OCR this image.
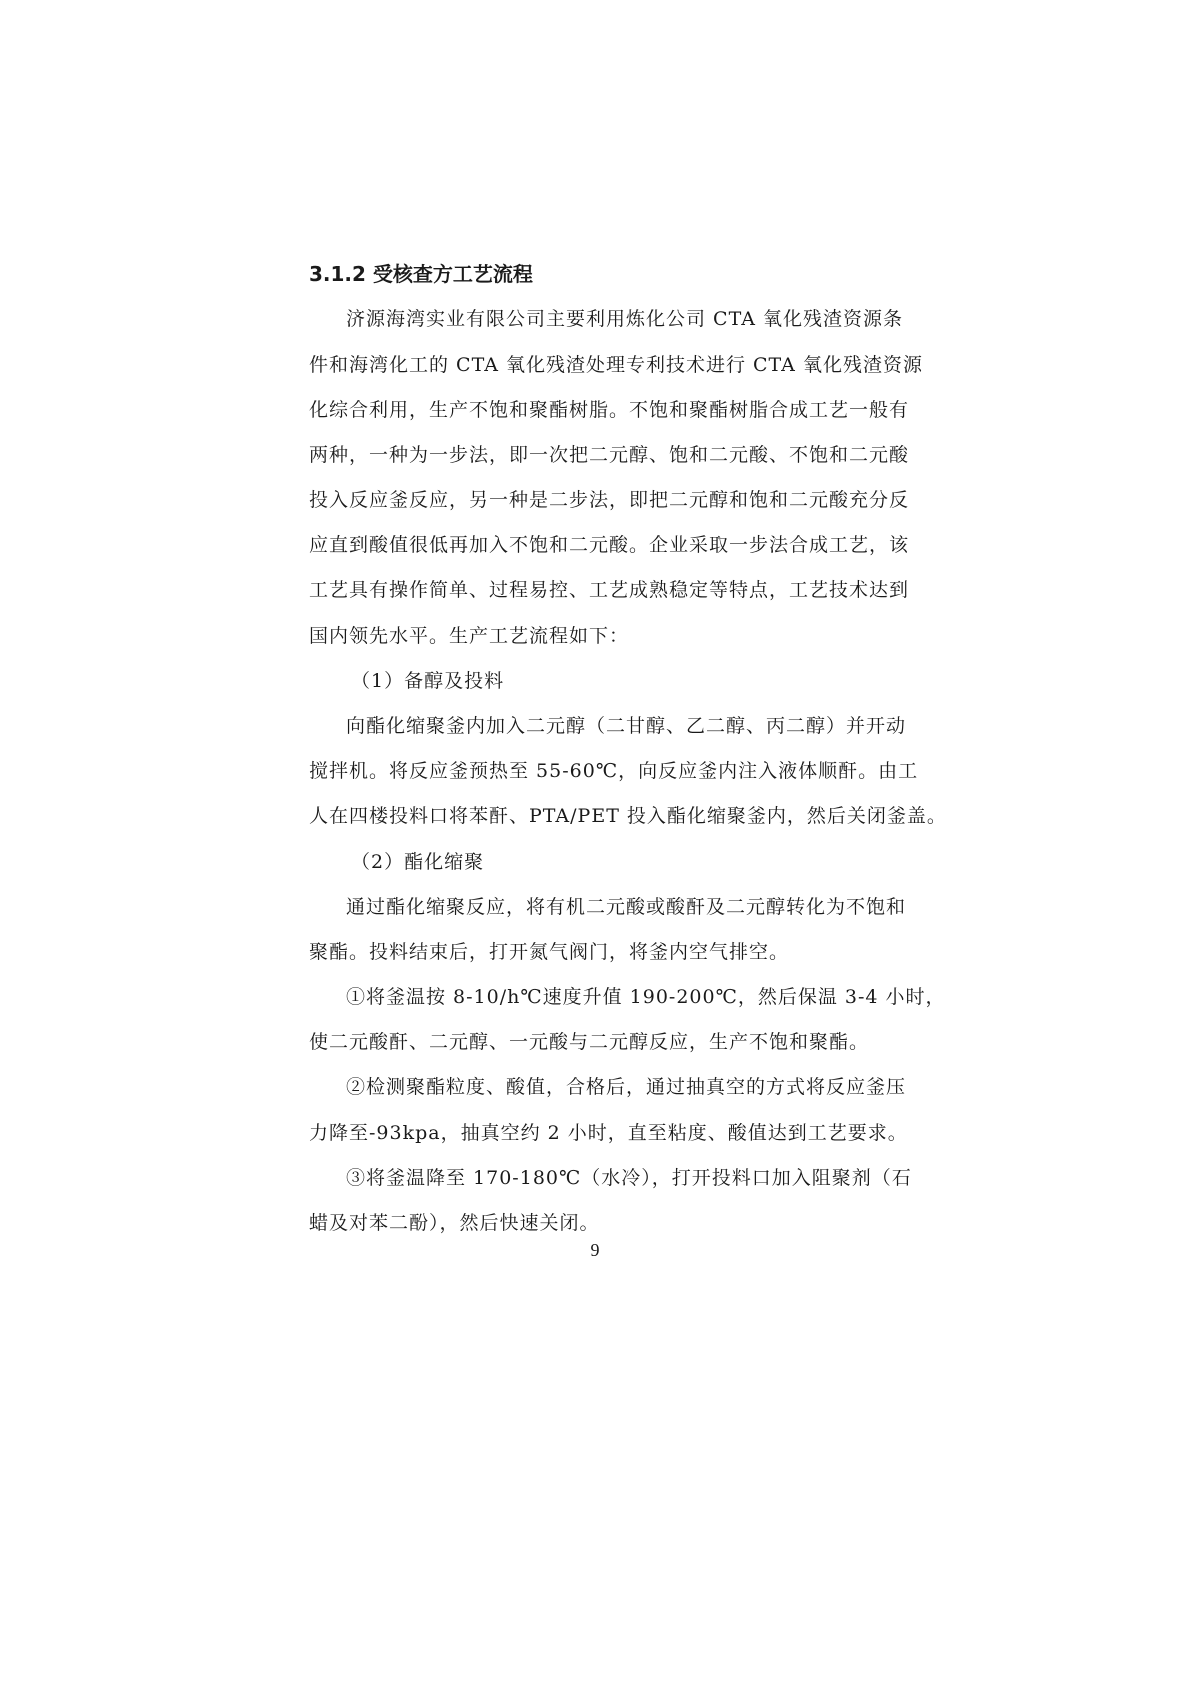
3.1.2 受核查方工艺流程
济源海湾实业有限公司主要利用炼化公司 CTA 氧化残渣资源条
件和海湾化工的 CTA 氧化残渣处理专利技术进行 CTA 氧化残渣资源
化综合利用，生产不饱和聚酯树脂。不饱和聚酯树脂合成工艺一般有
两种，一种为一步法，即一次把二元醇、饱和二元酸、不饱和二元酸
投入反应釜反应，另一种是二步法，即把二元醇和饱和二元酸充分反
应直到酸值很低再加入不饱和二元酸。企业采取一步法合成工艺，该
工艺具有操作简单、过程易控、工艺成熟稳定等特点，工艺技术达到
国内领先水平。生产工艺流程如下：
（1）备醇及投料
向酯化缩聚釜内加入二元醇（二甘醇、乙二醇、丙二醇）并开动
搅拌机。将反应釜预热至 55-60℃，向反应釜内注入液体顺酐。由工
人在四楼投料口将苯酐、PTA/PET 投入酯化缩聚釜内，然后关闭釜盖。
（2）酯化缩聚
通过酯化缩聚反应，将有机二元酸或酸酐及二元醇转化为不饱和
聚酯。投料结束后，打开氮气阀门，将釜内空气排空。
①将釜温按 8-10/h℃速度升值 190-200℃，然后保温 3-4 小时，
使二元酸酐、二元醇、一元酸与二元醇反应，生产不饱和聚酯。
②检测聚酯粒度、酸值，合格后，通过抽真空的方式将反应釜压
力降至-93kpa，抽真空约 2 小时，直至粘度、酸值达到工艺要求。
③将釜温降至 170-180℃（水冷），打开投料口加入阻聚剂（石
蜡及对苯二酚），然后快速关闭。
9
